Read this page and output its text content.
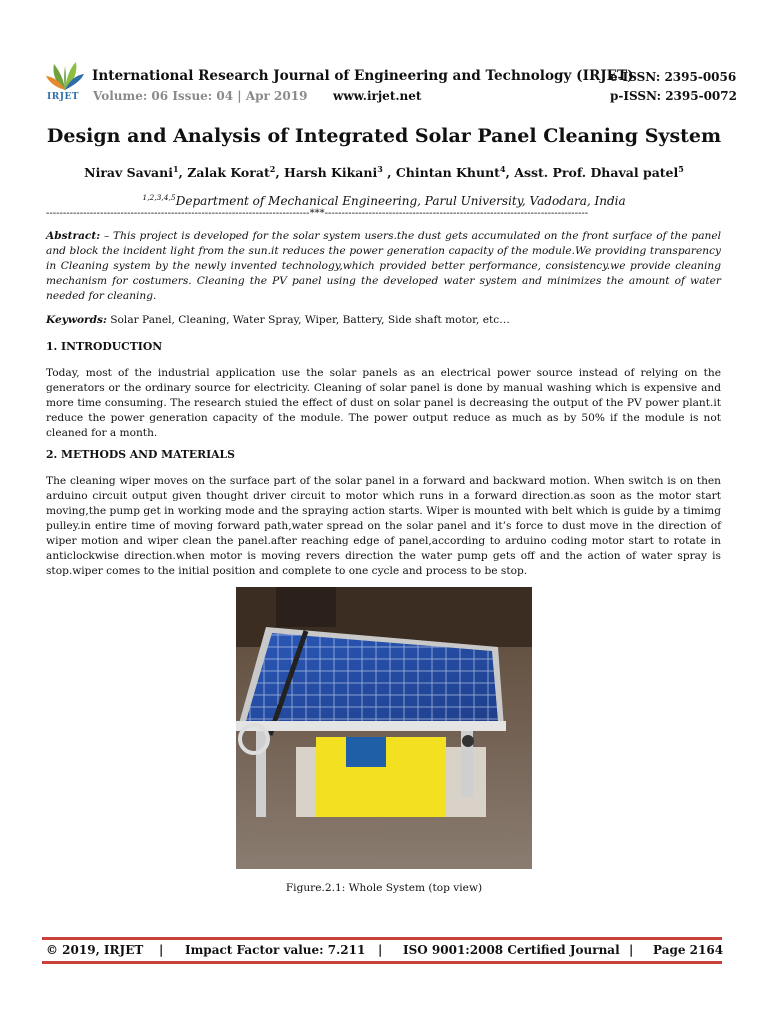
IRJET
International Research Journal of Engineering and Technology (IRJET)
e-ISSN: 2395-0056
Volume: 06 Issue: 04 | Apr 2019 www.irjet.net	p-ISSN: 2395-0072
Design and Analysis of Integrated Solar Panel Cleaning System
Nirav Savani$^1$, Zalak Korat$^2$, Harsh Kikani$^3$ , Chintan Khunt$^4$, Asst. Prof. Dhaval patel$^5$
$^{1,2,3,4,5}$Department of Mechanical Engineering, Parul University, Vadodara, India
------------------------------------------------------------------------------***------------------------------------------------------------------------------
Abstract: – This project is developed for the solar system users.the dust gets accumulated on the front surface of the panel and block the incident light from the sun.it reduces the power generation capacity of the module.We providing transparency in Cleaning system by the newly invented technology,which provided better performance, consistency.we provide cleaning mechanism for costumers. Cleaning the PV panel using the developed water system and minimizes the amount of water needed for cleaning.
Keywords: Solar Panel, Cleaning, Water Spray, Wiper, Battery, Side shaft motor, etc…
1. INTRODUCTION
Today, most of the industrial application use the solar panels as an electrical power source instead of relying on the generators or the ordinary source for electricity. Cleaning of solar panel is done by manual washing which is expensive and more time consuming. The research stuied the effect of dust on solar panel is decreasing the output of the PV power plant.it reduce the power generation capacity of the module. The power output reduce as much as by 50% if the module is not cleaned for a month.
2. METHODS AND MATERIALS
The cleaning wiper moves on the surface part of the solar panel in a forward and backward motion. When switch is on then arduino circuit output given thought driver circuit to motor which runs in a forward direction.as soon as the motor start moving,the pump get in working mode and the spraying action starts. Wiper is mounted with belt which is guide by a timimg pulley.in entire time of moving forward path,water spread on the solar panel and it’s force to dust move in the direction of wiper motion and wiper clean the panel.after reaching edge of panel,according to arduino coding motor start to rotate in anticlockwise direction.when motor is moving revers direction the water pump gets off and the action of water spray is stop.wiper comes to the initial position and complete to one cycle and process to be stop.
Figure.2.1: Whole System (top view)
© 2019, IRJET | Impact Factor value: 7.211 | ISO 9001:2008 Certified Journal | Page 2164
